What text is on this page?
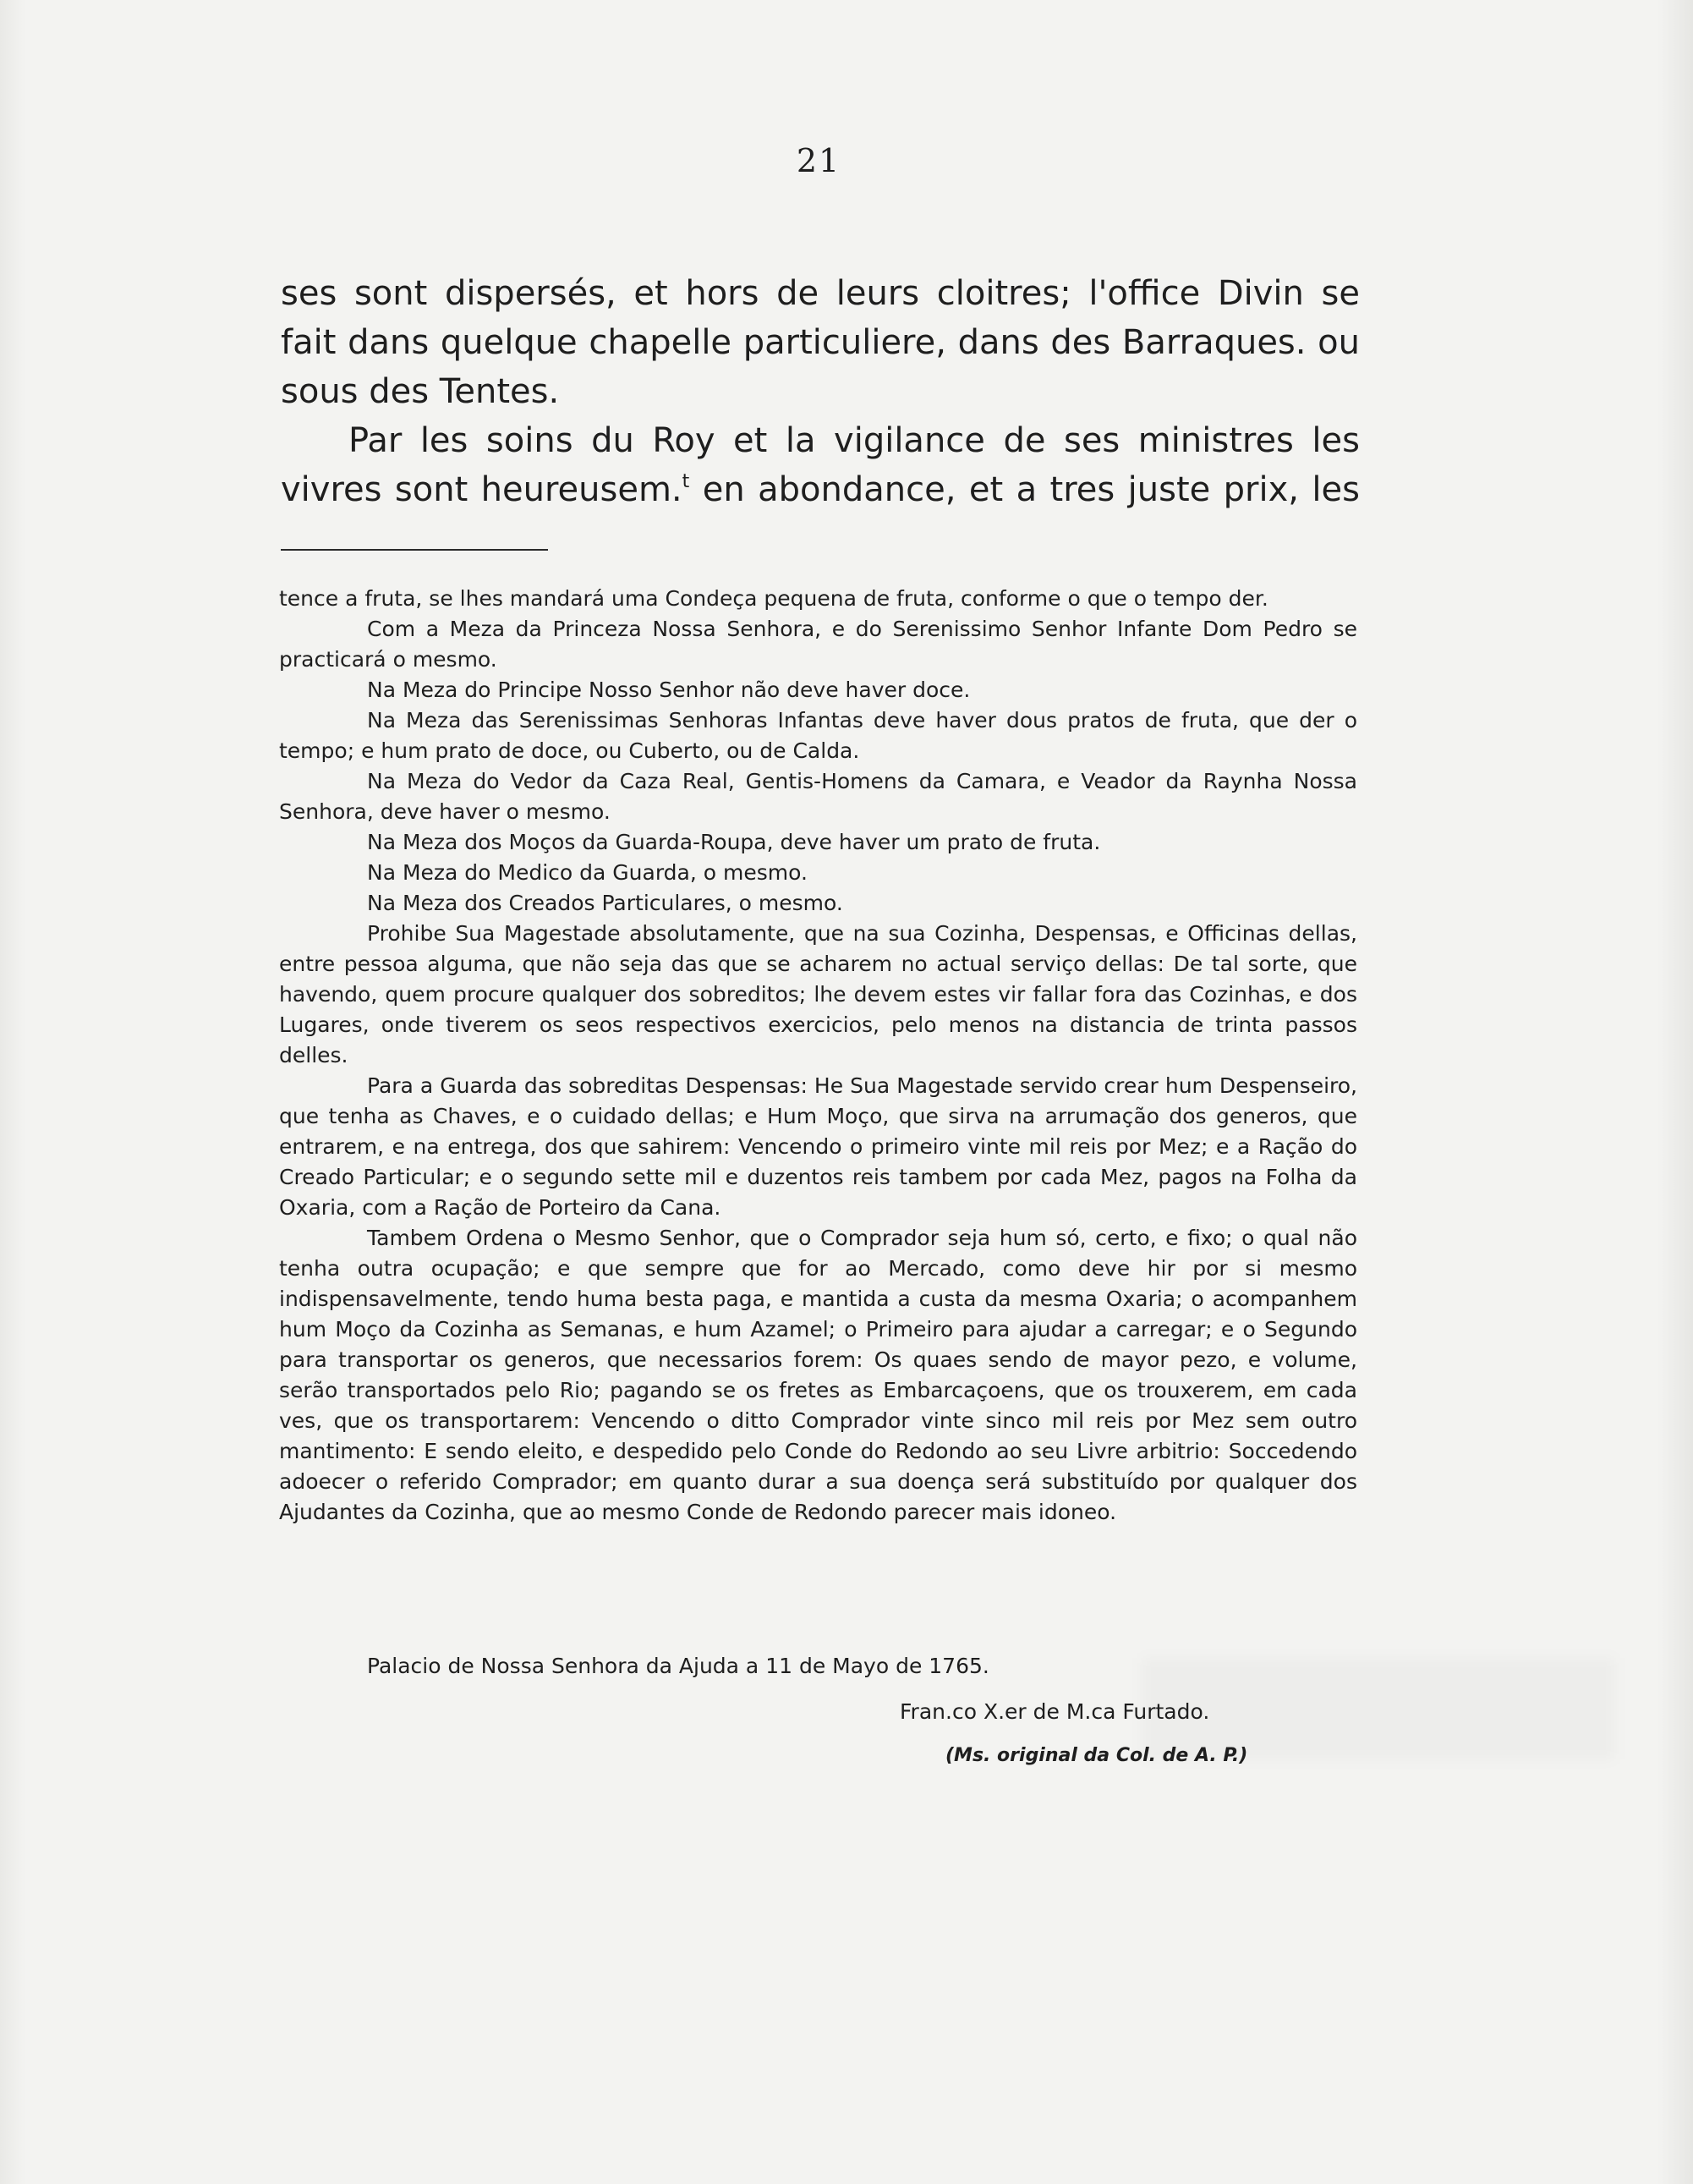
21

ses sont dispersés, et hors de leurs cloitres; l'office Divin se

fait dans quelque chapelle particuliere, dans des Barraques. ou

sous des Tentes.

Par les soins du Roy et la vigilance de ses ministres les

vivres sont heureusem.$^t$ en abondance, et a tres juste prix, les

tence a fruta, se lhes mandará uma Condeça pequena de fruta, conforme o que o tempo der.

Com a Meza da Princeza Nossa Senhora, e do Serenissimo Senhor Infante Dom Pedro se practicará o mesmo.

Na Meza do Principe Nosso Senhor não deve haver doce.

Na Meza das Serenissimas Senhoras Infantas deve haver dous pratos de fruta, que der o tempo; e hum prato de doce, ou Cuberto, ou de Calda.

Na Meza do Vedor da Caza Real, Gentis-Homens da Camara, e Veador da Raynha Nossa Senhora, deve haver o mesmo.

Na Meza dos Moços da Guarda-Roupa, deve haver um prato de fruta.

Na Meza do Medico da Guarda, o mesmo.

Na Meza dos Creados Particulares, o mesmo.

Prohibe Sua Magestade absolutamente, que na sua Cozinha, Despensas, e Officinas dellas, entre pessoa alguma, que não seja das que se acharem no actual serviço dellas: De tal sorte, que havendo, quem procure qualquer dos sobreditos; lhe devem estes vir fallar fora das Cozinhas, e dos Lugares, onde tiverem os seos respectivos exercicios, pelo menos na distancia de trinta passos delles.

Para a Guarda das sobreditas Despensas: He Sua Magestade servido crear hum Despenseiro, que tenha as Chaves, e o cuidado dellas; e Hum Moço, que sirva na arrumação dos generos, que entrarem, e na entrega, dos que sahirem: Vencendo o primeiro vinte mil reis por Mez; e a Ração do Creado Particular; e o segundo sette mil e duzentos reis tambem por cada Mez, pagos na Folha da Oxaria, com a Ração de Porteiro da Cana.

Tambem Ordena o Mesmo Senhor, que o Comprador seja hum só, certo, e fixo; o qual não tenha outra ocupação; e que sempre que for ao Mercado, como deve hir por si mesmo indispensavelmente, tendo huma besta paga, e mantida a custa da mesma Oxaria; o acompanhem hum Moço da Cozinha as Semanas, e hum Azamel; o Primeiro para ajudar a carregar; e o Segundo para transportar os generos, que necessarios forem: Os quaes sendo de mayor pezo, e volume, serão transportados pelo Rio; pagando se os fretes as Embarcaçoens, que os trouxerem, em cada ves, que os transportarem: Vencendo o ditto Comprador vinte sinco mil reis por Mez sem outro mantimento: E sendo eleito, e despedido pelo Conde do Redondo ao seu Livre arbitrio: Soccedendo adoecer o referido Comprador; em quanto durar a sua doença será substituído por qualquer dos Ajudantes da Cozinha, que ao mesmo Conde de Redondo parecer mais idoneo.

Palacio de Nossa Senhora da Ajuda a 11 de Mayo de 1765.
Fran.co X.er de M.ca Furtado.
(Ms. original da Col. de A. P.)
